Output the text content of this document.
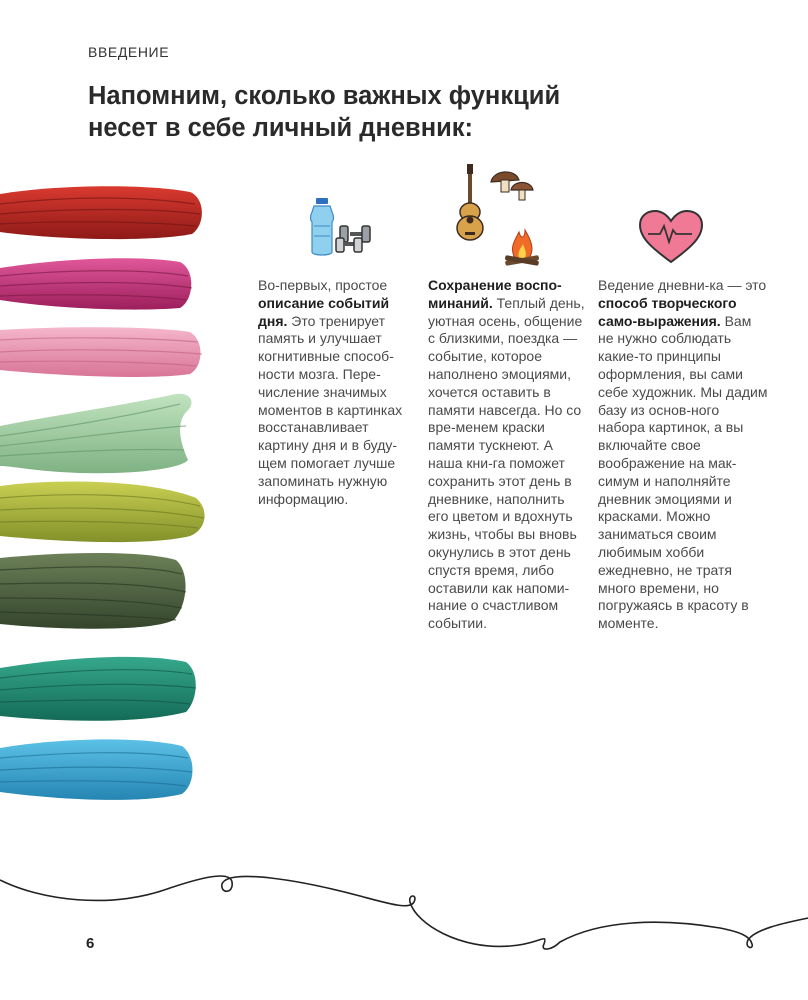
ВВЕДЕНИЕ
Напомним, сколько важных функций
несет в себе личный дневник:

Во-первых, простое описание событий дня. Это тренирует память и улучшает когнитивные способ-ности мозга. Пере-числение значимых моментов в картинках восстанавливает картину дня и в буду-щем помогает лучше запоминать нужную информацию.

Сохранение воспо-минаний. Теплый день, уютная осень, общение с близкими, поездка — событие, которое наполнено эмоциями, хочется оставить в памяти навсегда. Но со вре-менем краски памяти тускнеют. А наша кни-га поможет сохранить этот день в дневнике, наполнить его цветом и вдохнуть жизнь, чтобы вы вновь окунулись в этот день спустя время, либо оставили как напоми-нание о счастливом событии.

Ведение дневни-ка — это способ творческого само-выражения. Вам не нужно соблюдать какие-то принципы оформления, вы сами себе художник. Мы дадим базу из основ-ного набора картинок, а вы включайте свое воображение на мак-симум и наполняйте дневник эмоциями и красками. Можно заниматься своим любимым хобби ежедневно, не тратя много времени, но погружаясь в красоту в моменте.

6
